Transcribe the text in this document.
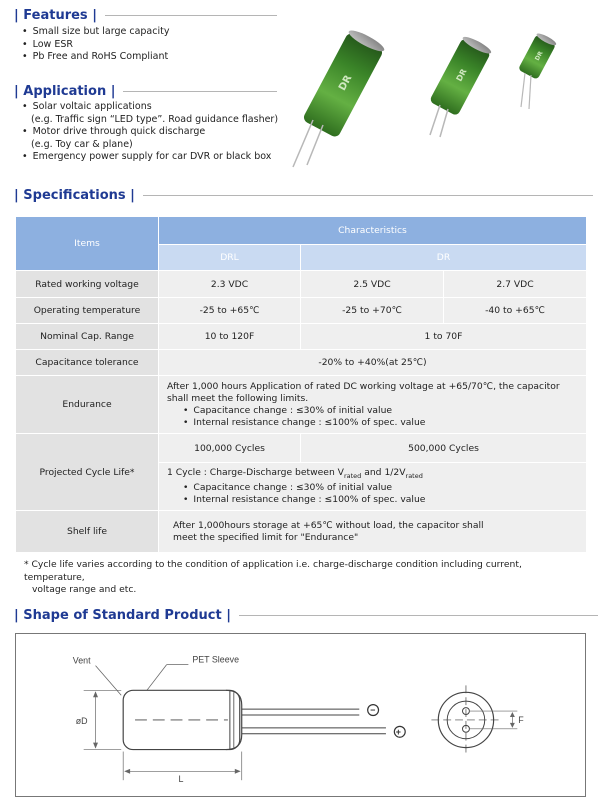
| Features |
• Small size but large capacity
• Low ESR
• Pb Free and RoHS Compliant
| Application |
• Solar voltaic applications
(e.g. Traffic sign “LED type”. Road guidance flasher)
• Motor drive through quick discharge
(e.g. Toy car & plane)
• Emergency power supply for car DVR or black box
DR	DR
DR
| Specifications |
Items	Characteristics		
	DRL	DR	
Rated working voltage	2.3 VDC	2.5 VDC	2.7 VDC
Operating temperature	-25 to +65℃	-25 to +70℃	-40 to +65℃
Nominal Cap. Range	10 to 120F	1 to 70F	
Capacitance tolerance	-20% to +40%(at 25℃)		
Endurance	After 1,000 hours Application of rated DC working voltage at +65/70℃, the capacitor shall meet the following limits.
• Capacitance change : ≤30% of initial value
• Internal resistance change : ≤100% of spec. value

Projected Cycle Life*	100,000 Cycles	500,000 Cycles	

	1 Cycle : Charge-Discharge between $V_{rated}$ and $1/2V_{rated}$
• Capacitance change : ≤30% of initial value
• Internal resistance change : ≤100% of spec. value

Shelf life	After 1,000hours storage at +65℃ without load, the capacitor shall
meet the specified limit for "Endurance"		
* Cycle life varies according to the condition of application i.e. charge-discharge condition including current, temperature,
voltage range and etc.
| Shape of Standard Product |
Vent	PET Sleeve
−
+
øD
L
F
